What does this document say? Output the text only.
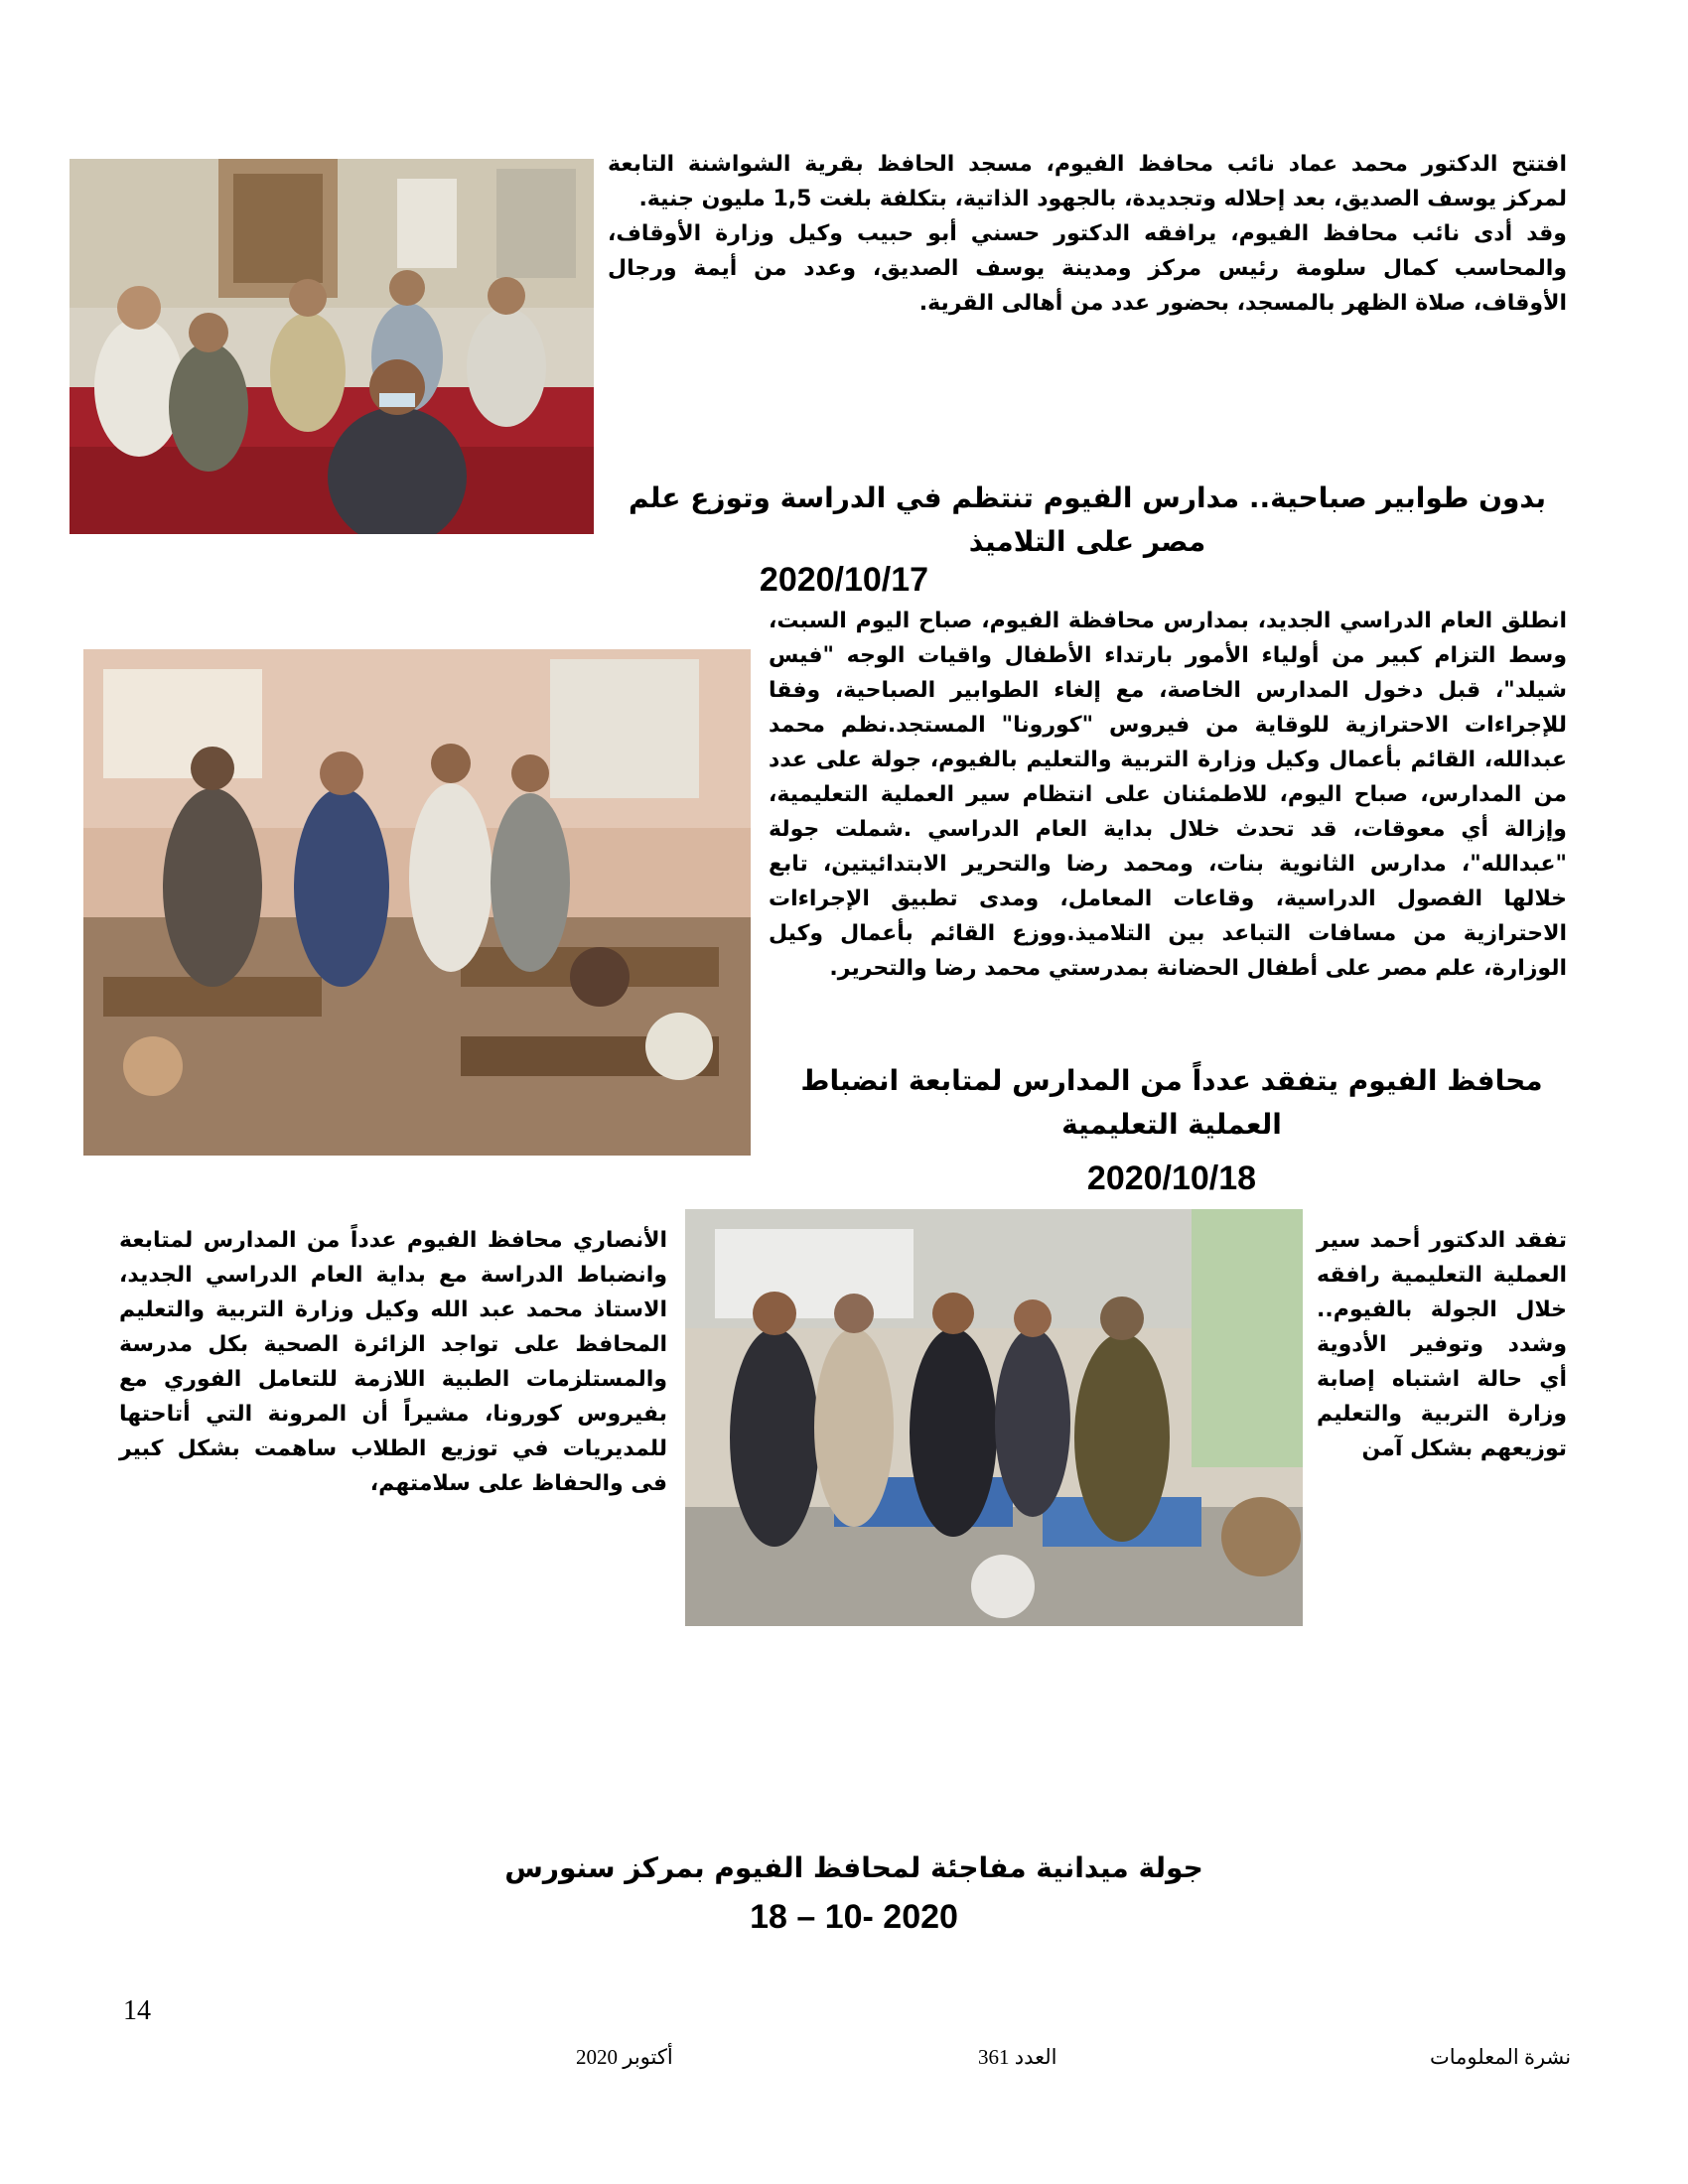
افتتح الدكتور محمد عماد نائب محافظ الفيوم، مسجد الحافظ بقرية الشواشنة التابعة لمركز يوسف الصديق، بعد إحلاله وتجديدة، بالجهود الذاتية، بتكلفة بلغت 1,5 مليون جنية.

وقد أدى نائب محافظ الفيوم، يرافقه الدكتور حسني أبو حبيب وكيل وزارة الأوقاف، والمحاسب كمال سلومة رئيس مركز ومدينة يوسف الصديق، وعدد من أيمة ورجال الأوقاف، صلاة الظهر بالمسجد، بحضور عدد من أهالى القرية.

بدون طوابير صباحية.. مدارس الفيوم تنتظم في الدراسة وتوزع علم مصر على التلاميذ

2020/10/17

انطلق العام الدراسي الجديد، بمدارس محافظة الفيوم، صباح اليوم السبت، وسط التزام كبير من أولياء الأمور بارتداء الأطفال واقيات الوجه "فيس شيلد"، قبل دخول المدارس الخاصة، مع إلغاء الطوابير الصباحية، وفقا للإجراءات الاحترازية للوقاية من فيروس "كورونا" المستجد.نظم محمد عبدالله، القائم بأعمال وكيل وزارة التربية والتعليم بالفيوم، جولة على عدد من المدارس، صباح اليوم، للاطمئنان على انتظام سير العملية التعليمية، وإزالة أي معوقات، قد تحدث خلال بداية العام الدراسي .شملت جولة "عبدالله"، مدارس الثانوية بنات، ومحمد رضا والتحرير الابتدائيتين، تابع خلالها الفصول الدراسية، وقاعات المعامل، ومدى تطبيق الإجراءات الاحترازية من مسافات التباعد بين التلاميذ.ووزع القائم بأعمال وكيل الوزارة، علم مصر على أطفال الحضانة بمدرستي محمد رضا والتحرير.

محافظ الفيوم يتفقد عدداً من المدارس لمتابعة انضباط العملية التعليمية

2020/10/18

تفقد الدكتور أحمد سير العملية التعليمية رافقه خلال الجولة بالفيوم.. وشدد وتوفير الأدوية أي حالة اشتباه إصابة وزارة التربية والتعليم توزيعهم بشكل آمن

الأنصاري محافظ الفيوم عدداً من المدارس لمتابعة وانضباط الدراسة مع بداية العام الدراسي الجديد، الاستاذ محمد عبد الله وكيل وزارة التربية والتعليم المحافظ على تواجد الزائرة الصحية بكل مدرسة والمستلزمات الطبية اللازمة للتعامل الفوري مع بفيروس كورونا، مشيراً أن المرونة التي أتاحتها للمديريات في توزيع الطلاب ساهمت بشكل كبير فى والحفاظ على سلامتهم،

جولة ميدانية مفاجئة لمحافظ الفيوم بمركز سنورس

18 – 10- 2020

14
أكتوبر 2020	العدد 361	نشرة المعلومات
